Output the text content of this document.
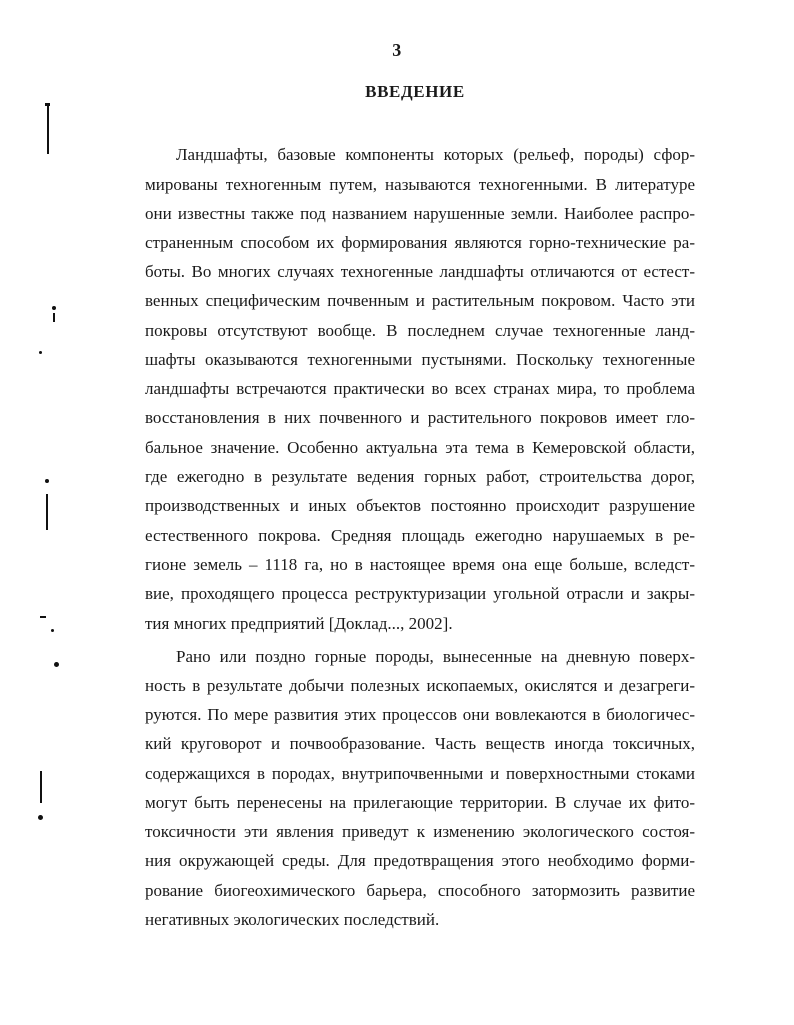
3
ВВЕДЕНИЕ
Ландшафты, базовые компоненты которых (рельеф, породы) сфор-
мированы техногенным путем, называются техногенными. В литературе
они известны также под названием нарушенные земли. Наиболее распро-
страненным способом их формирования являются горно-технические ра-
боты. Во многих случаях техногенные ландшафты отличаются от естест-
венных специфическим почвенным и растительным покровом. Часто эти
покровы отсутствуют вообще. В последнем случае техногенные ланд-
шафты оказываются техногенными пустынями. Поскольку техногенные
ландшафты встречаются практически во всех странах мира, то проблема
восстановления в них почвенного и растительного покровов имеет гло-
бальное значение. Особенно актуальна эта тема в Кемеровской области,
где ежегодно в результате ведения горных работ, строительства дорог,
производственных и иных объектов постоянно происходит разрушение
естественного покрова. Средняя площадь ежегодно нарушаемых в ре-
гионе земель – 1118 га, но в настоящее время она еще больше, вследст-
вие, проходящего процесса реструктуризации угольной отрасли и закры-
тия многих предприятий [Доклад..., 2002].
Рано или поздно горные породы, вынесенные на дневную поверх-
ность в результате добычи полезных ископаемых, окислятся и дезагреги-
руются. По мере развития этих процессов они вовлекаются в биологичес-
кий круговорот и почвообразование. Часть веществ иногда токсичных,
содержащихся в породах, внутрипочвенными и поверхностными стоками
могут быть перенесены на прилегающие территории. В случае их фито-
токсичности эти явления приведут к изменению экологического состоя-
ния окружающей среды. Для предотвращения этого необходимо форми-
рование биогеохимического барьера, способного затормозить развитие
негативных экологических последствий.
